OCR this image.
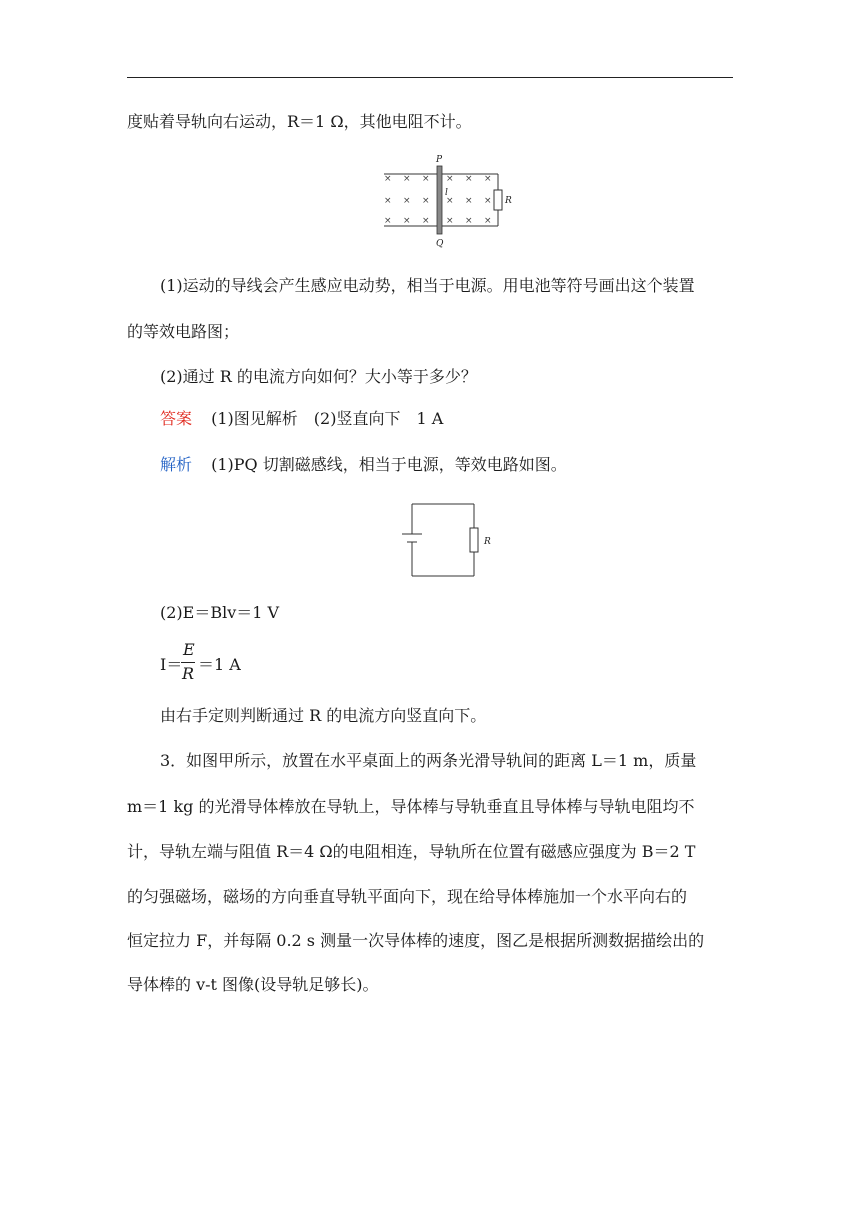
度贴着导轨向右运动，R＝1 Ω，其他电阻不计。
× × × × × ×
× × × × × ×
× × × × × ×
P
Q
l
R
(1)运动的导线会产生感应电动势，相当于电源。用电池等符号画出这个装置
的等效电路图；
(2)通过 R 的电流方向如何？大小等于多少？
答案 (1)图见解析　(2)竖直向下　1 A
解析 (1)PQ 切割磁感线，相当于电源，等效电路如图。
R
(2)E＝Blv＝1 V
I＝
E
R ＝1 A
由右手定则判断通过 R 的电流方向竖直向下。
3．如图甲所示，放置在水平桌面上的两条光滑导轨间的距离 L＝1 m，质量
m＝1 kg 的光滑导体棒放在导轨上，导体棒与导轨垂直且导体棒与导轨电阻均不
计，导轨左端与阻值 R＝4 Ω的电阻相连，导轨所在位置有磁感应强度为 B＝2 T
的匀强磁场，磁场的方向垂直导轨平面向下，现在给导体棒施加一个水平向右的
恒定拉力 F，并每隔 0.2 s 测量一次导体棒的速度，图乙是根据所测数据描绘出的
导体棒的 v-t 图像(设导轨足够长)。
